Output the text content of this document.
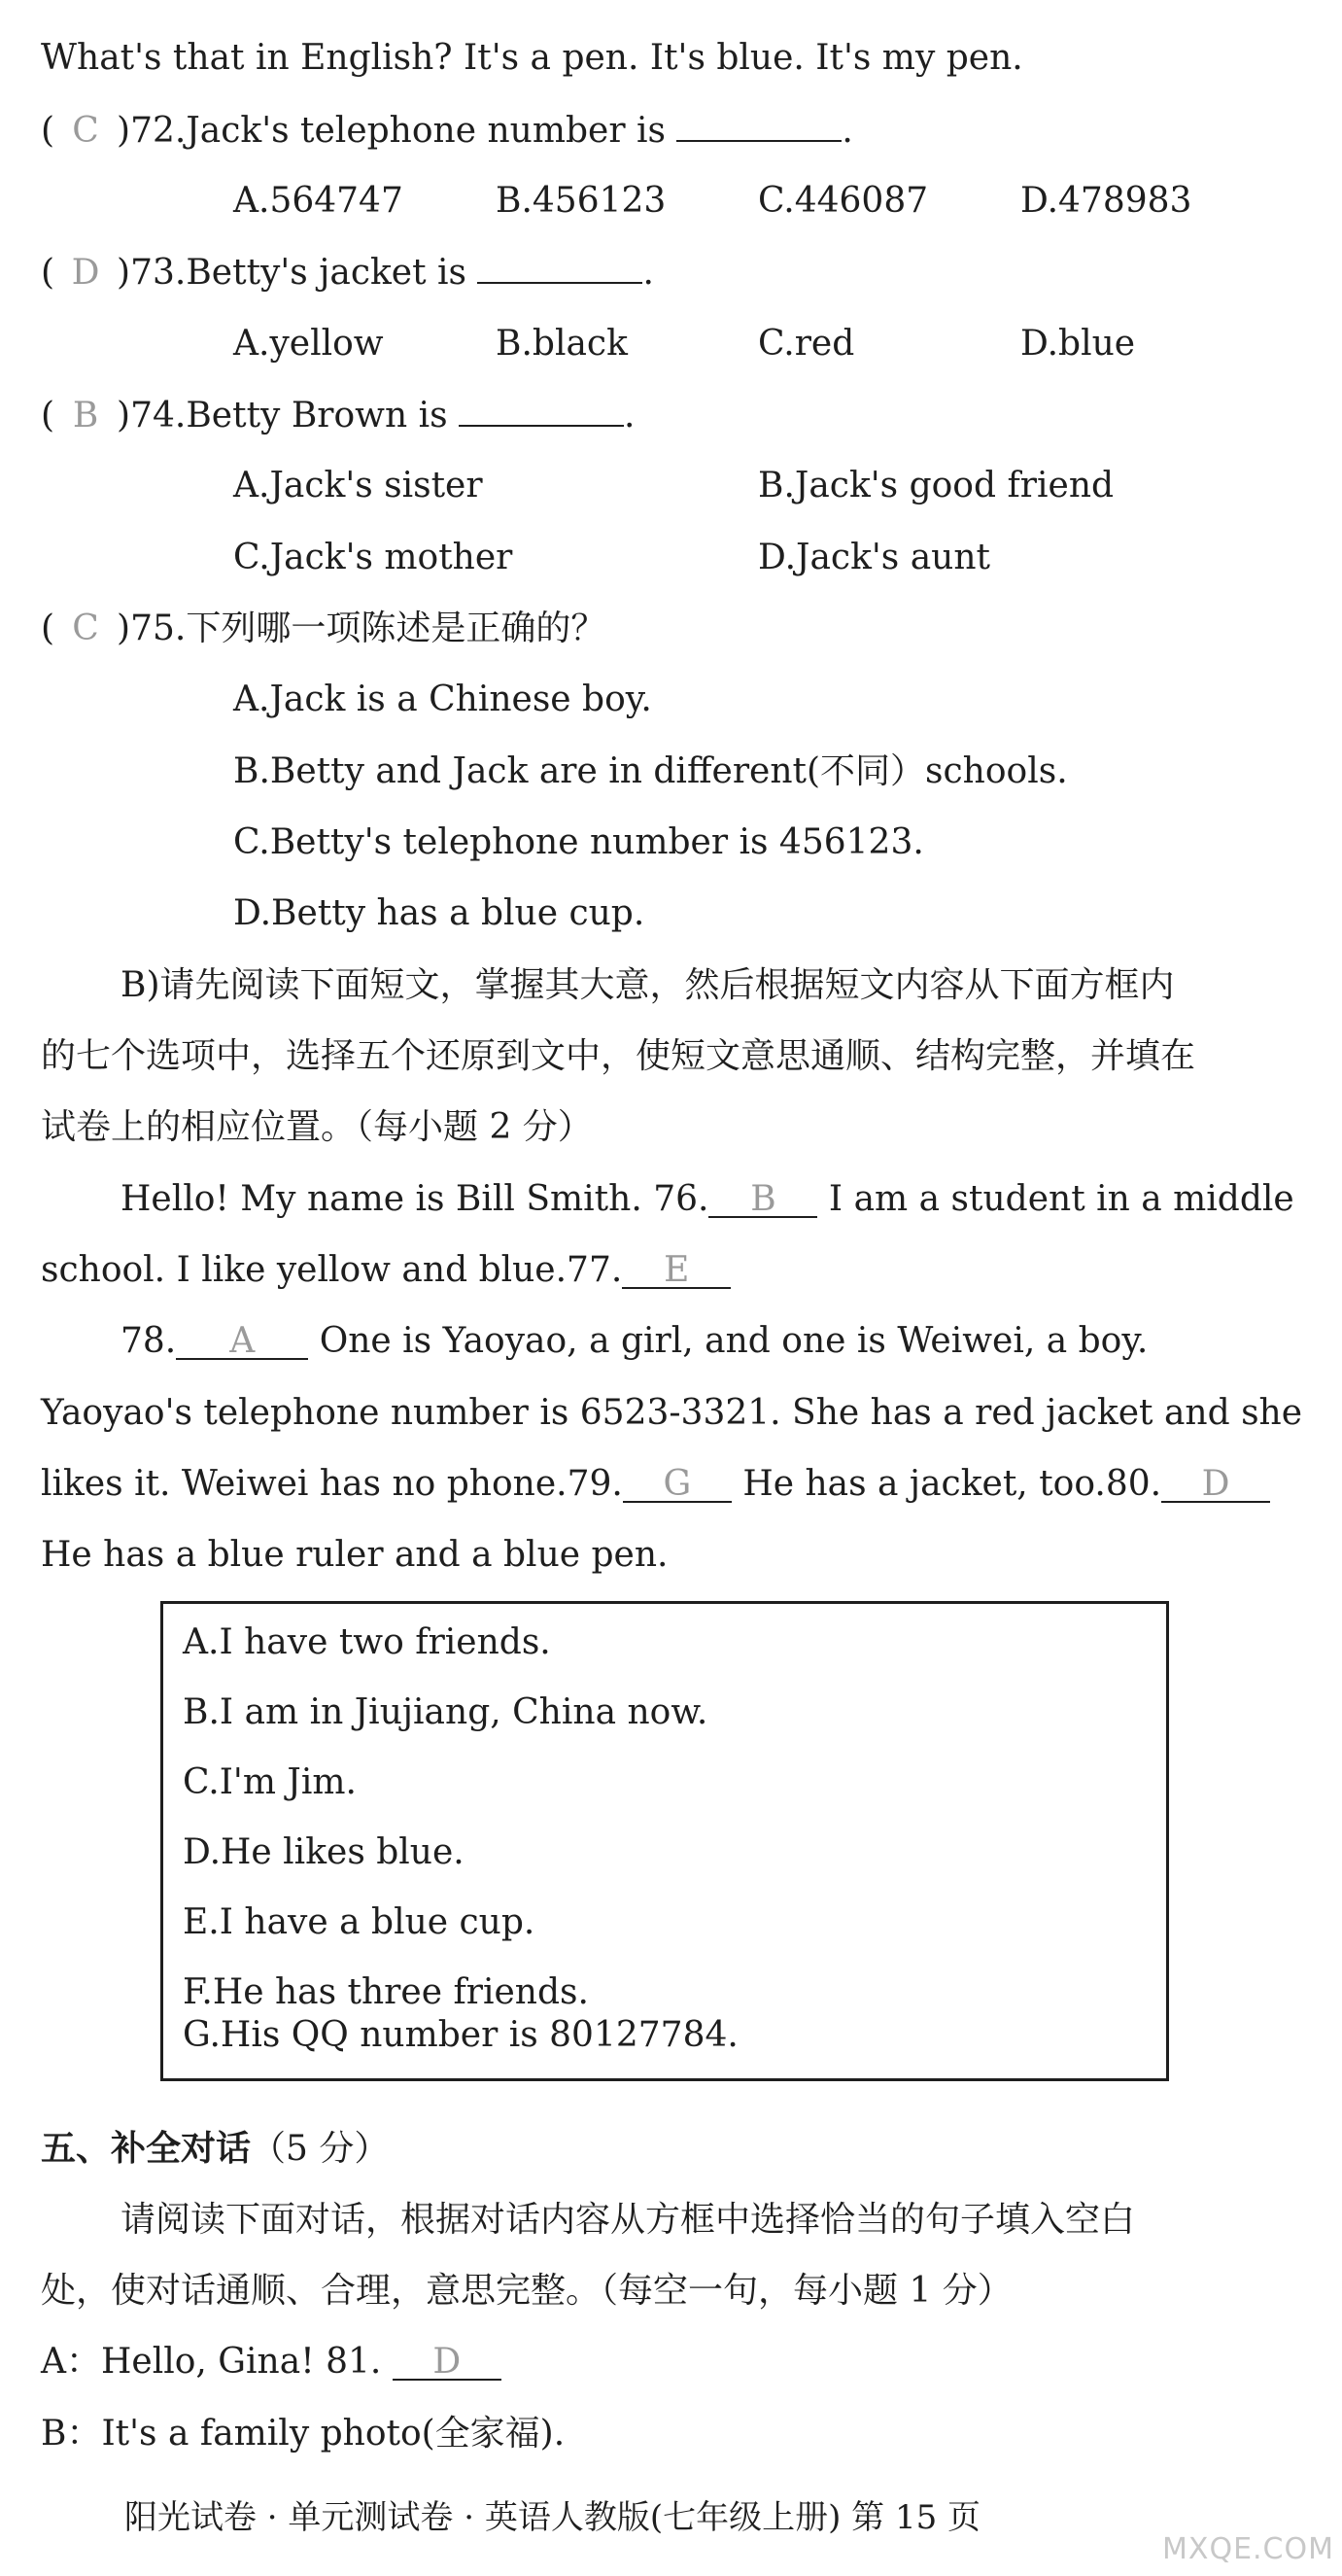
What's that in English? It's a pen. It's blue. It's my pen.
( C )72.Jack's telephone number is	.
A.564747	B.456123	C.446087	D.478983
( D )73.Betty's jacket is	.
A.yellow	B.black	C.red	D.blue
( B )74.Betty Brown is	.
A.Jack's sister	B.Jack's good friend
C.Jack's mother	D.Jack's aunt
( C )75.下列哪一项陈述是正确的？
A.Jack is a Chinese boy.
B.Betty and Jack are in different(不同）schools.
C.Betty's telephone number is 456123.
D.Betty has a blue cup.
B)请先阅读下面短文，掌握其大意，然后根据短文内容从下面方框内
的七个选项中，选择五个还原到文中，使短文意思通顺、结构完整，并填在
试卷上的相应位置。（每小题 2 分）
Hello! My name is Bill Smith. 76. B I am a student in a middle
school. I like yellow and blue.77. E
78. A One is Yaoyao, a girl, and one is Weiwei, a boy.
Yaoyao's telephone number is 6523-3321. She has a red jacket and she
likes it. Weiwei has no phone.79. G He has a jacket, too.80. D
He has a blue ruler and a blue pen.
A.I have two friends.
B.I am in Jiujiang, China now.
C.I'm Jim.
D.He likes blue.
E.I have a blue cup.
F.He has three friends.
G.His QQ number is 80127784.
五、补全对话（5 分）
请阅读下面对话，根据对话内容从方框中选择恰当的句子填入空白
处，使对话通顺、合理，意思完整。（每空一句，每小题 1 分）
A：Hello, Gina! 81. D
B：It's a family photo(全家福).
阳光试卷 · 单元测试卷 · 英语人教版(七年级上册) 第 15 页
MXQE.COM
